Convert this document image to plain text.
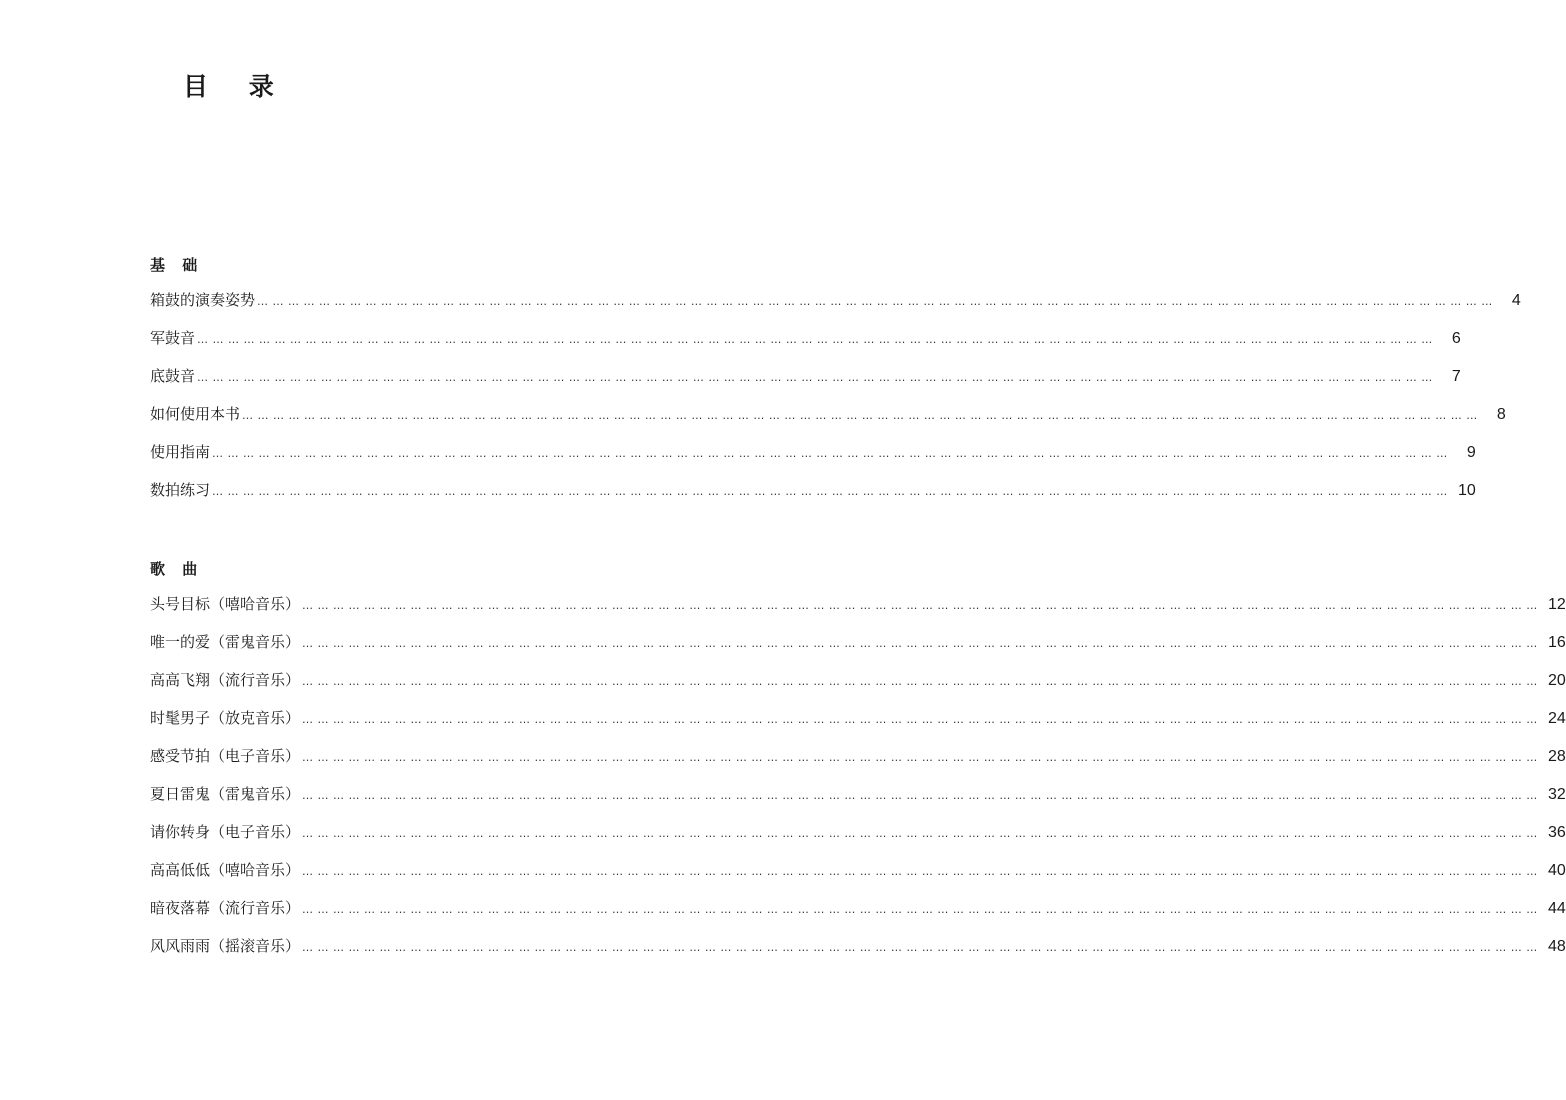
目 录
基 础
箱鼓的演奏姿势 … … … … … … … … … … … … … … … … … … … … … … … … … … … … … … … … … … … … … … … … … … … … … … … … … … … … … … … … … … … … … … … … … … … … … … … … … … … … … … … …	4
军鼓音 … … … … … … … … … … … … … … … … … … … … … … … … … … … … … … … … … … … … … … … … … … … … … … … … … … … … … … … … … … … … … … … … … … … … … … … … … … … … … … … …	6
底鼓音 … … … … … … … … … … … … … … … … … … … … … … … … … … … … … … … … … … … … … … … … … … … … … … … … … … … … … … … … … … … … … … … … … … … … … … … … … … … … … … … …	7
如何使用本书 … … … … … … … … … … … … … … … … … … … … … … … … … … … … … … … … … … … … … … … … … … … … … … … … … … … … … … … … … … … … … … … … … … … … … … … … … … … … … … … …	8
使用指南 … … … … … … … … … … … … … … … … … … … … … … … … … … … … … … … … … … … … … … … … … … … … … … … … … … … … … … … … … … … … … … … … … … … … … … … … … … … … … … … …	9
数拍练习 … … … … … … … … … … … … … … … … … … … … … … … … … … … … … … … … … … … … … … … … … … … … … … … … … … … … … … … … … … … … … … … … … … … … … … … … … … … … … … … … 10
歌 曲
头号目标（嘻哈音乐） … … … … … … … … … … … … … … … … … … … … … … … … … … … … … … … … … … … … … … … … … … … … … … … … … … … … … … … … … … … … … … … … … … … … … … … … … … … … … … … … 12
唯一的爱（雷鬼音乐） … … … … … … … … … … … … … … … … … … … … … … … … … … … … … … … … … … … … … … … … … … … … … … … … … … … … … … … … … … … … … … … … … … … … … … … … … … … … … … … … 16
高高飞翔（流行音乐） … … … … … … … … … … … … … … … … … … … … … … … … … … … … … … … … … … … … … … … … … … … … … … … … … … … … … … … … … … … … … … … … … … … … … … … … … … … … … … … … 20
时髦男子（放克音乐） … … … … … … … … … … … … … … … … … … … … … … … … … … … … … … … … … … … … … … … … … … … … … … … … … … … … … … … … … … … … … … … … … … … … … … … … … … … … … … … … 24
感受节拍（电子音乐） … … … … … … … … … … … … … … … … … … … … … … … … … … … … … … … … … … … … … … … … … … … … … … … … … … … … … … … … … … … … … … … … … … … … … … … … … … … … … … … … 28
夏日雷鬼（雷鬼音乐） … … … … … … … … … … … … … … … … … … … … … … … … … … … … … … … … … … … … … … … … … … … … … … … … … … … … … … … … … … … … … … … … … … … … … … … … … … … … … … … … 32
请你转身（电子音乐） … … … … … … … … … … … … … … … … … … … … … … … … … … … … … … … … … … … … … … … … … … … … … … … … … … … … … … … … … … … … … … … … … … … … … … … … … … … … … … … … 36
高高低低（嘻哈音乐） … … … … … … … … … … … … … … … … … … … … … … … … … … … … … … … … … … … … … … … … … … … … … … … … … … … … … … … … … … … … … … … … … … … … … … … … … … … … … … … … 40
暗夜落幕（流行音乐） … … … … … … … … … … … … … … … … … … … … … … … … … … … … … … … … … … … … … … … … … … … … … … … … … … … … … … … … … … … … … … … … … … … … … … … … … … … … … … … … 44
风风雨雨（摇滚音乐） … … … … … … … … … … … … … … … … … … … … … … … … … … … … … … … … … … … … … … … … … … … … … … … … … … … … … … … … … … … … … … … … … … … … … … … … … … … … … … … … 48
